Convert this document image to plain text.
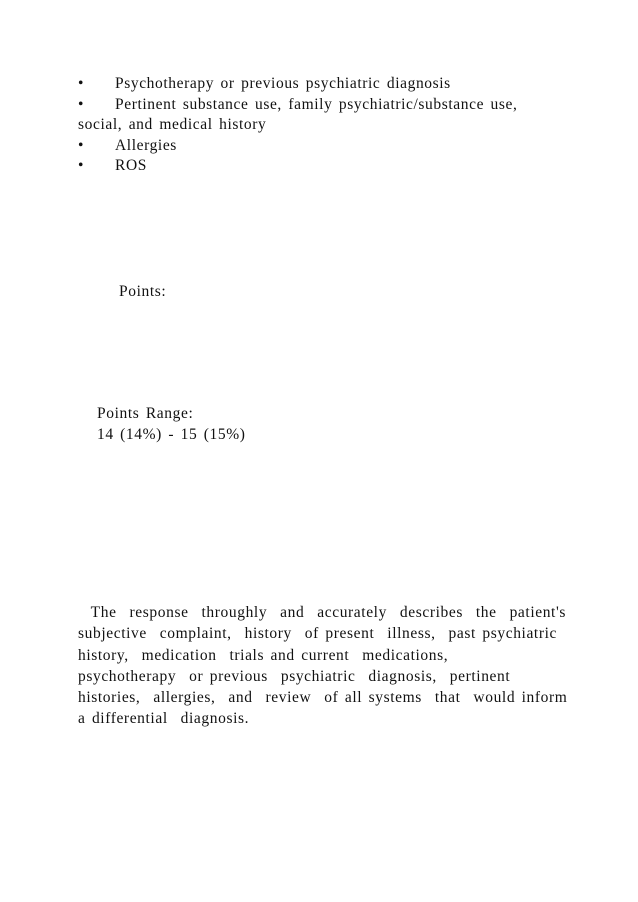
• Psychotherapy or previous psychiatric diagnosis
• Pertinent substance use, family psychiatric/substance use,
social, and medical history
• Allergies
• ROS
Points:
Points Range:
14 (14%) - 15 (15%)
The  response  throughly  and  accurately  describes  the  patient's
subjective  complaint,  history  of present  illness,  past psychiatric
history,  medication  trials and current  medications,
psychotherapy  or previous  psychiatric  diagnosis,  pertinent
histories,  allergies,  and  review  of all systems  that  would inform
a differential  diagnosis.
